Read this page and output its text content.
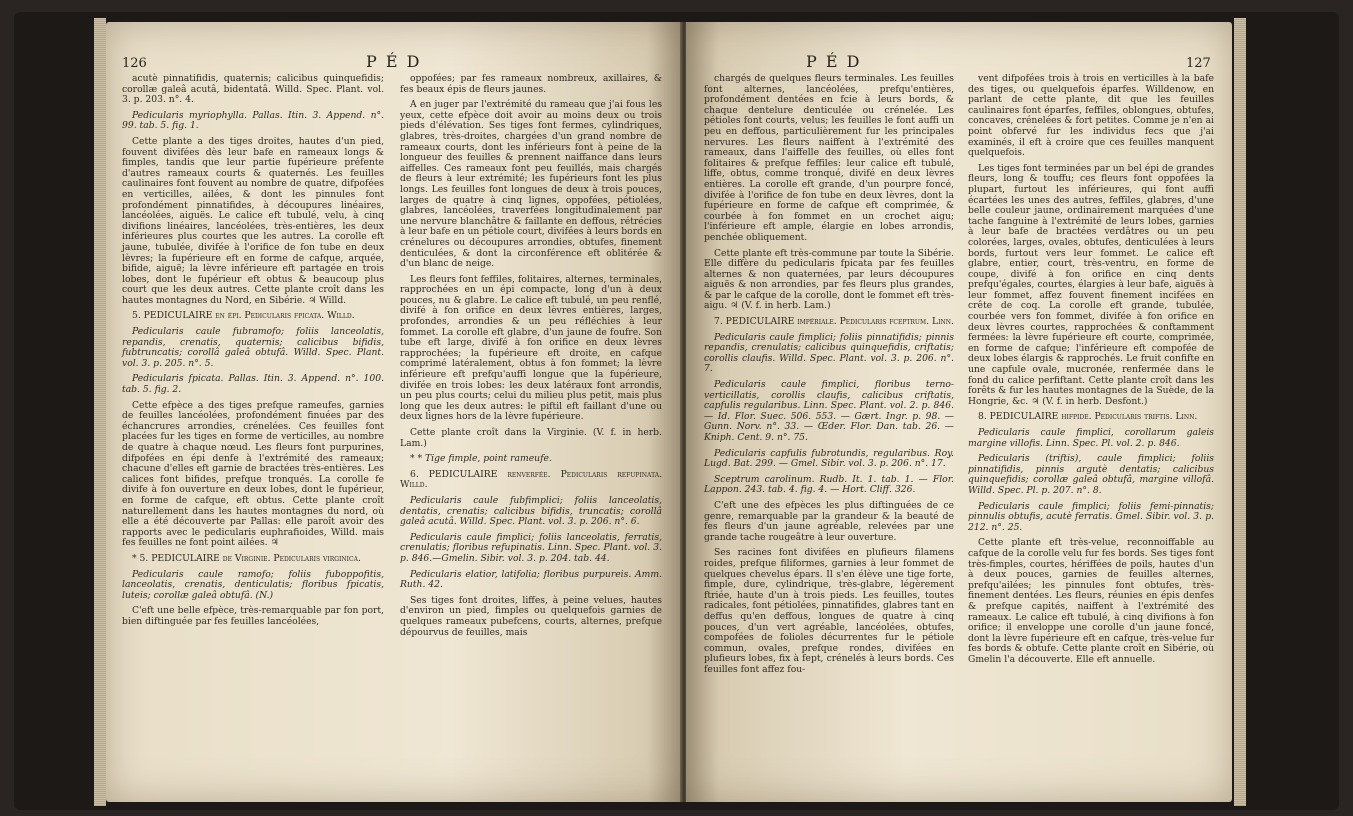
126	P É D

acutè pinnatifidis, quaternis; calicibus quinquefidis; corollæ galeâ acutâ, bidentatâ. Willd. Spec. Plant. vol. 3. p. 203. n°. 4.

Pedicularis myriophylla. Pallas. Itin. 3. Append. n°. 99. tab. 5. fig. 1.

Cette plante a des tiges droites, hautes d'un pied, fouvent divifées dès leur bafe en rameaux longs & fimples, tandis que leur partie fupérieure préfente d'autres rameaux courts & quaternés. Les feuilles caulinaires font fouvent au nombre de quatre, difpofées en verticilles, ailées, & dont les pinnules font profondément pinnatifides, à découpures linéaires, lancéolées, aiguës. Le calice eft tubulé, velu, à cinq divifions linéaires, lancéolées, très-entières, les deux inférieures plus courtes que les autres. La corolle eft jaune, tubulée, divifée à l'orifice de fon tube en deux lèvres; la fupérieure eft en forme de cafque, arquée, bifide, aiguë; la lèvre inférieure eft partagée en trois lobes, dont le fupérieur eft obtus & beaucoup plus court que les deux autres. Cette plante croît dans les hautes montagnes du Nord, en Sibérie. ♃ Willd.

5. PEDICULAIRE en épi. Pedicularis fpicata. Willd.

Pedicularis caule fubramofo; foliis lanceolatis, repandis, crenatis, quaternis; calicibus bifidis, fubtruncatis; corollâ galeâ obtufâ. Willd. Spec. Plant. vol. 3. p. 205. n°. 5.

Pedicularis fpicata. Pallas. Itin. 3. Append. n°. 100. tab. 5. fig. 2.

Cette efpèce a des tiges prefque rameufes, garnies de feuilles lancéolées, profondément finuées par des échancrures arrondies, crénelées. Ces feuilles font placées fur les tiges en forme de verticilles, au nombre de quatre à chaque nœud. Les fleurs font purpurines, difpofées en épi denfe à l'extrémité des rameaux; chacune d'elles eft garnie de bractées très-entières. Les calices font bifides, prefque tronqués. La corolle fe divife à fon ouverture en deux lobes, dont le fupérieur, en forme de cafque, eft obtus. Cette plante croît naturellement dans les hautes montagnes du nord, où elle a été découverte par Pallas: elle paroît avoir des rapports avec le pedicularis euphrafioides, Willd. mais fes feuilles ne font point ailées. ♃

* 5. PEDICULAIRE de Virginie. Pedicularis virginica.

Pedicularis caule ramofo; foliis fuboppofitis, lanceolatis, crenatis, denticulatis; floribus fpicatis, luteis; corollæ galeâ obtufâ. (N.)

C'eft une belle efpèce, très-remarquable par fon port, bien diftinguée par fes feuilles lancéolées,

oppofées; par fes rameaux nombreux, axillaires, & fes beaux épis de fleurs jaunes.

A en juger par l'extrémité du rameau que j'ai fous les yeux, cette efpèce doit avoir au moins deux ou trois pieds d'élévation. Ses tiges font fermes, cylindriques, glabres, très-droites, chargées d'un grand nombre de rameaux courts, dont les inférieurs font à peine de la longueur des feuilles & prennent naiffance dans leurs aiffelles. Ces rameaux font peu feuillés, mais chargés de fleurs à leur extrémité; les fupérieurs font les plus longs. Les feuilles font longues de deux à trois pouces, larges de quatre à cinq lignes, oppofées, pétiolées, glabres, lancéolées, traverfées longitudinalement par une nervure blanchâtre & faillante en deffous, rétrécies à leur bafe en un pétiole court, divifées à leurs bords en crénelures ou découpures arrondies, obtufes, finement denticulées, & dont la circonférence eft oblitérée & d'un blanc de neige.

Les fleurs font feffiles, folitaires, alternes, terminales, rapprochées en un épi compacte, long d'un à deux pouces, nu & glabre. Le calice eft tubulé, un peu renflé, divifé à fon orifice en deux lèvres entières, larges, profondes, arrondies & un peu réfléchies à leur fommet. La corolle eft glabre, d'un jaune de foufre. Son tube eft large, divifé à fon orifice en deux lèvres rapprochées; la fupérieure eft droite, en cafque comprimé latéralement, obtus à fon fommet; la lèvre inférieure eft prefqu'auffi longue que la fupérieure, divifée en trois lobes: les deux latéraux font arrondis, un peu plus courts; celui du milieu plus petit, mais plus long que les deux autres: le piftil eft faillant d'une ou deux lignes hors de la lèvre fupérieure.

Cette plante croît dans la Virginie. (V. f. in herb. Lam.)

* * Tige fimple, point rameufe.

6. PEDICULAIRE renverfée. Pedicularis refupinata. Willd.

Pedicularis caule fubfimplici; foliis lanceolatis, dentatis, crenatis; calicibus bifidis, truncatis; corollâ galeâ acutâ. Willd. Spec. Plant. vol. 3. p. 206. n°. 6.

Pedicularis caule fimplici; foliis lanceolatis, ferratis, crenulatis; floribus refupinatis. Linn. Spec. Plant. vol. 3. p. 846.—Gmelin. Sibir. vol. 3. p. 204. tab. 44.

Pedicularis elatior, latifolia; floribus purpureis. Amm. Ruth. 42.

Ses tiges font droites, liffes, à peine velues, hautes d'environ un pied, fimples ou quelquefois garnies de quelques rameaux pubefcens, courts, alternes, prefque dépourvus de feuilles, mais

P É D	127

chargés de quelques fleurs terminales. Les feuilles font alternes, lancéolées, prefqu'entières, profondément dentées en fcie à leurs bords, & chaque dentelure denticulée ou crénelée. Les pétioles font courts, velus; les feuilles le font auffi un peu en deffous, particulièrement fur les principales nervures. Les fleurs naiffent à l'extrémité des rameaux, dans l'aiffelle des feuilles, où elles font folitaires & prefque feffiles: leur calice eft tubulé, liffe, obtus, comme tronqué, divifé en deux lèvres entières. La corolle eft grande, d'un pourpre foncé, divifée à l'orifice de fon tube en deux lèvres, dont la fupérieure en forme de cafque eft comprimée, & courbée à fon fommet en un crochet aigu; l'inférieure eft ample, élargie en lobes arrondis, penchée obliquement.

Cette plante eft très-commune par toute la Sibérie. Elle diffère du pedicularis fpicata par fes feuilles alternes & non quaternées, par leurs découpures aiguës & non arrondies, par fes fleurs plus grandes, & par le cafque de la corolle, dont le fommet eft très-aigu. ♃ (V. f. in herb. Lam.)

7. PEDICULAIRE impériale. Pedicularis fceptrum. Linn.

Pedicularis caule fimplici; foliis pinnatifidis; pinnis repandis, crenulatis; calicibus quinquefidis, criftatis; corollis claufis. Willd. Spec. Plant. vol. 3. p. 206. n°. 7.

Pedicularis caule fimplici, floribus terno-verticillatis, corollis claufis, calicibus criftatis, capfulis regularibus. Linn. Spec. Plant. vol. 2. p. 846. — Id. Flor. Suec. 506. 553. — Gært. Ingr. p. 98. — Gunn. Norv. n°. 33. — Œder. Flor. Dan. tab. 26. — Kniph. Cent. 9. n°. 75.

Pedicularis capfulis fubrotundis, regularibus. Roy. Lugd. Bat. 299. — Gmel. Sibir. vol. 3. p. 206. n°. 17.

Sceptrum carolinum. Rudb. It. 1. tab. 1. — Flor. Lappon. 243. tab. 4. fig. 4. — Hort. Cliff. 326.

C'eft une des efpèces les plus diftinguées de ce genre, remarquable par la grandeur & la beauté de fes fleurs d'un jaune agréable, relevées par une grande tache rougeâtre à leur ouverture.

Ses racines font divifées en plufieurs filamens roides, prefque filiformes, garnies à leur fommet de quelques chevelus épars. Il s'en élève une tige forte, fimple, dure, cylindrique, très-glabre, légèrement ftriée, haute d'un à trois pieds. Les feuilles, toutes radicales, font pétiolées, pinnatifides, glabres tant en deffus qu'en deffous, longues de quatre à cinq pouces, d'un vert agréable, lancéolées, obtufes, compofées de folioles décurrentes fur le pétiole commun, ovales, prefque rondes, divifées en plufieurs lobes, fix à fept, crénelés à leurs bords. Ces feuilles font affez fou-

vent difpofées trois à trois en verticilles à la bafe des tiges, ou quelquefois éparfes. Willdenow, en parlant de cette plante, dit que les feuilles caulinaires font éparfes, feffiles, oblongues, obtufes, concaves, crénelées & fort petites. Comme je n'en ai point obfervé fur les individus fecs que j'ai examinés, il eft à croire que ces feuilles manquent quelquefois.

Les tiges font terminées par un bel épi de grandes fleurs, long & touffu; ces fleurs font oppofées la plupart, furtout les inférieures, qui font auffi écartées les unes des autres, feffiles, glabres, d'une belle couleur jaune, ordinairement marquées d'une tache fanguine à l'extrémité de leurs lobes, garnies à leur bafe de bractées verdâtres ou un peu colorées, larges, ovales, obtufes, denticulées à leurs bords, furtout vers leur fommet. Le calice eft glabre, entier, court, très-ventru, en forme de coupe, divifé à fon orifice en cinq dents prefqu'égales, courtes, élargies à leur bafe, aiguës à leur fommet, affez fouvent finement incifées en crête de coq. La corolle eft grande, tubulée, courbée vers fon fommet, divifée à fon orifice en deux lèvres courtes, rapprochées & conftamment fermées: la lèvre fupérieure eft courte, comprimée, en forme de cafque; l'inférieure eft compofée de deux lobes élargis & rapprochés. Le fruit confifte en une capfule ovale, mucronée, renfermée dans le fond du calice perfiftant. Cette plante croît dans les forêts & fur les hautes montagnes de la Suède, de la Hongrie, &c. ♃ (V. f. in herb. Desfont.)

8. PEDICULAIRE hifpide. Pedicularis triftis. Linn.

Pedicularis caule fimplici, corollarum galeis margine villofis. Linn. Spec. Pl. vol. 2. p. 846.

Pedicularis (triftis), caule fimplici; foliis pinnatifidis, pinnis argutè dentatis; calicibus quinquefidis; corollæ galeâ obtufâ, margine villofâ. Willd. Spec. Pl. p. 207. n°. 8.

Pedicularis caule fimplici; foliis femi-pinnatis; pinnulis obtufis, acutè ferratis. Gmel. Sibir. vol. 3. p. 212. n°. 25.

Cette plante eft très-velue, reconnoiffable au cafque de la corolle velu fur fes bords. Ses tiges font très-fimples, courtes, hériffées de poils, hautes d'un à deux pouces, garnies de feuilles alternes, prefqu'ailées; les pinnules font obtufes, très-finement dentées. Les fleurs, réunies en épis denfes & prefque capités, naiffent à l'extrémité des rameaux. Le calice eft tubulé, à cinq divifions à fon orifice; il enveloppe une corolle d'un jaune foncé, dont la lèvre fupérieure eft en cafque, très-velue fur fes bords & obtufe. Cette plante croît en Sibérie, où Gmelin l'a découverte. Elle eft annuelle.
